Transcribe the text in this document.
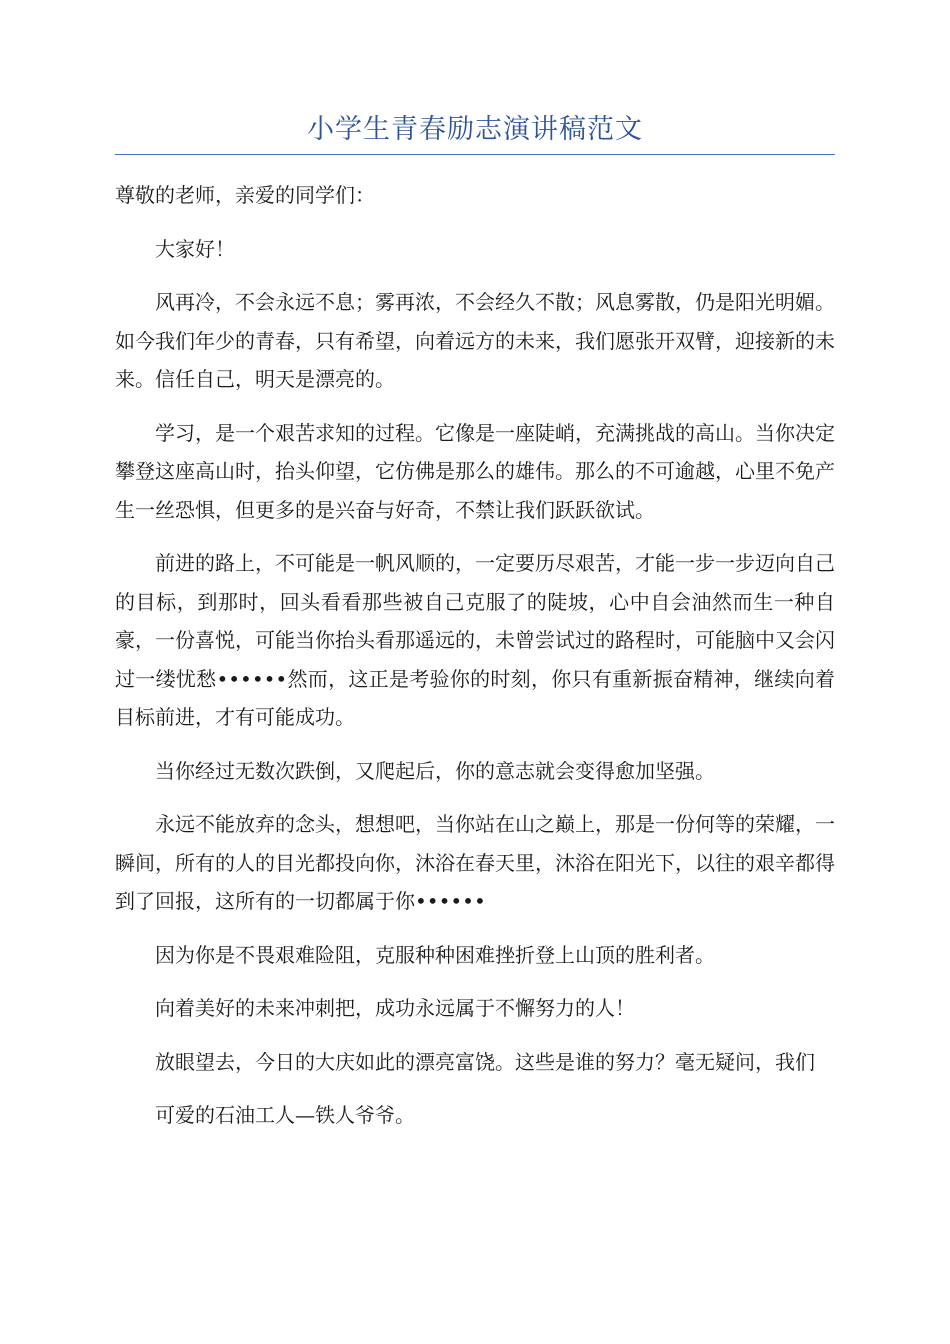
小学生青春励志演讲稿范文

尊敬的老师，亲爱的同学们：

大家好！

风再冷，不会永远不息；雾再浓，不会经久不散；风息雾散，仍是阳光明媚。如今我们年少的青春，只有希望，向着远方的未来，我们愿张开双臂，迎接新的未来。信任自己，明天是漂亮的。

学习，是一个艰苦求知的过程。它像是一座陡峭，充满挑战的高山。当你决定攀登这座高山时，抬头仰望，它仿佛是那么的雄伟。那么的不可逾越，心里不免产生一丝恐惧，但更多的是兴奋与好奇，不禁让我们跃跃欲试。

前进的路上，不可能是一帆风顺的，一定要历尽艰苦，才能一步一步迈向自己的目标，到那时，回头看看那些被自己克服了的陡坡，心中自会油然而生一种自豪，一份喜悦，可能当你抬头看那遥远的，未曾尝试过的路程时，可能脑中又会闪过一缕忧愁••••••然而，这正是考验你的时刻，你只有重新振奋精神，继续向着目标前进，才有可能成功。

当你经过无数次跌倒，又爬起后，你的意志就会变得愈加坚强。

永远不能放弃的念头，想想吧，当你站在山之巅上，那是一份何等的荣耀，一瞬间，所有的人的目光都投向你，沐浴在春天里，沐浴在阳光下，以往的艰辛都得到了回报，这所有的一切都属于你••••••

因为你是不畏艰难险阻，克服种种困难挫折登上山顶的胜利者。

向着美好的未来冲刺把，成功永远属于不懈努力的人！

放眼望去，今日的大庆如此的漂亮富饶。这些是谁的努力？毫无疑问，我们

可爱的石油工人—铁人爷爷。
